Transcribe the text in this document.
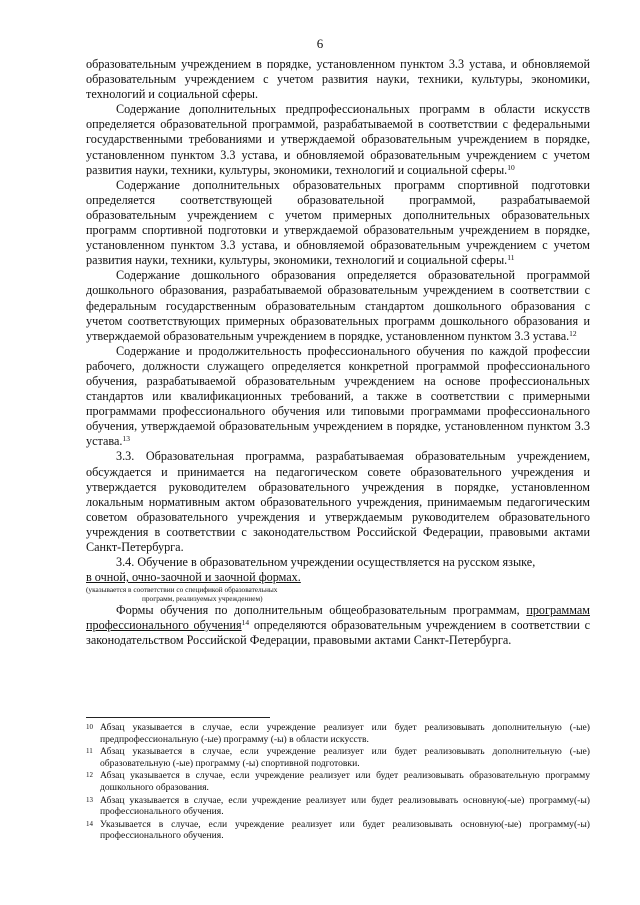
6

образовательным учреждением в порядке, установленном пунктом 3.3 устава, и обновляемой образовательным учреждением с учетом развития науки, техники, культуры, экономики, технологий и социальной сферы.

Содержание дополнительных предпрофессиональных программ в области искусств определяется образовательной программой, разрабатываемой в соответствии с федеральными государственными требованиями и утверждаемой образовательным учреждением в порядке, установленном пунктом 3.3 устава, и обновляемой образовательным учреждением с учетом развития науки, техники, культуры, экономики, технологий и социальной сферы.$^{10}$

Содержание дополнительных образовательных программ спортивной подготовки определяется соответствующей образовательной программой, разрабатываемой образовательным учреждением с учетом примерных дополнительных образовательных программ спортивной подготовки и утверждаемой образовательным учреждением в порядке, установленном пунктом 3.3 устава, и обновляемой образовательным учреждением с учетом развития науки, техники, культуры, экономики, технологий и социальной сферы.$^{11}$

Содержание дошкольного образования определяется образовательной программой дошкольного образования, разрабатываемой образовательным учреждением в соответствии с федеральным государственным образовательным стандартом дошкольного образования с учетом соответствующих примерных образовательных программ дошкольного образования и утверждаемой образовательным учреждением в порядке, установленном пунктом 3.3 устава.$^{12}$

Содержание и продолжительность профессионального обучения по каждой профессии рабочего, должности служащего определяется конкретной программой профессионального обучения, разрабатываемой образовательным учреждением на основе профессиональных стандартов или квалификационных требований, а также в соответствии с примерными программами профессионального обучения или типовыми программами профессионального обучения, утверждаемой образовательным учреждением в порядке, установленном пунктом 3.3 устава.$^{13}$

3.3. Образовательная программа, разрабатываемая образовательным учреждением, обсуждается и принимается на педагогическом совете образовательного учреждения и утверждается руководителем образовательного учреждения в порядке, установленном локальным нормативным актом образовательного учреждения, принимаемым педагогическим советом образовательного учреждения и утверждаемым руководителем образовательного учреждения в соответствии с законодательством Российской Федерации, правовыми актами Санкт-Петербурга.

3.4. Обучение в образовательном учреждении осуществляется на русском языке,

в очной, очно-заочной и заочной формах.

(указывается в соответствии со спецификой образовательных
программ, реализуемых учреждением)

Формы обучения по дополнительным общеобразовательным программам, программам профессионального обучения$^{14}$ определяются образовательным учреждением в соответствии с законодательством Российской Федерации, правовыми актами Санкт-Петербурга.

10 Абзац указывается в случае, если учреждение реализует или будет реализовывать дополнительную (-ые) предпрофессиональную (-ые) программу (-ы) в области искусств.
11 Абзац указывается в случае, если учреждение реализует или будет реализовывать дополнительную (-ые) образовательную (-ые) программу (-ы) спортивной подготовки.
12 Абзац указывается в случае, если учреждение реализует или будет реализовывать образовательную программу дошкольного образования.
13 Абзац указывается в случае, если учреждение реализует или будет реализовывать основную(-ые) программу(-ы) профессионального обучения.
14 Указывается в случае, если учреждение реализует или будет реализовывать основную(-ые) программу(-ы) профессионального обучения.
